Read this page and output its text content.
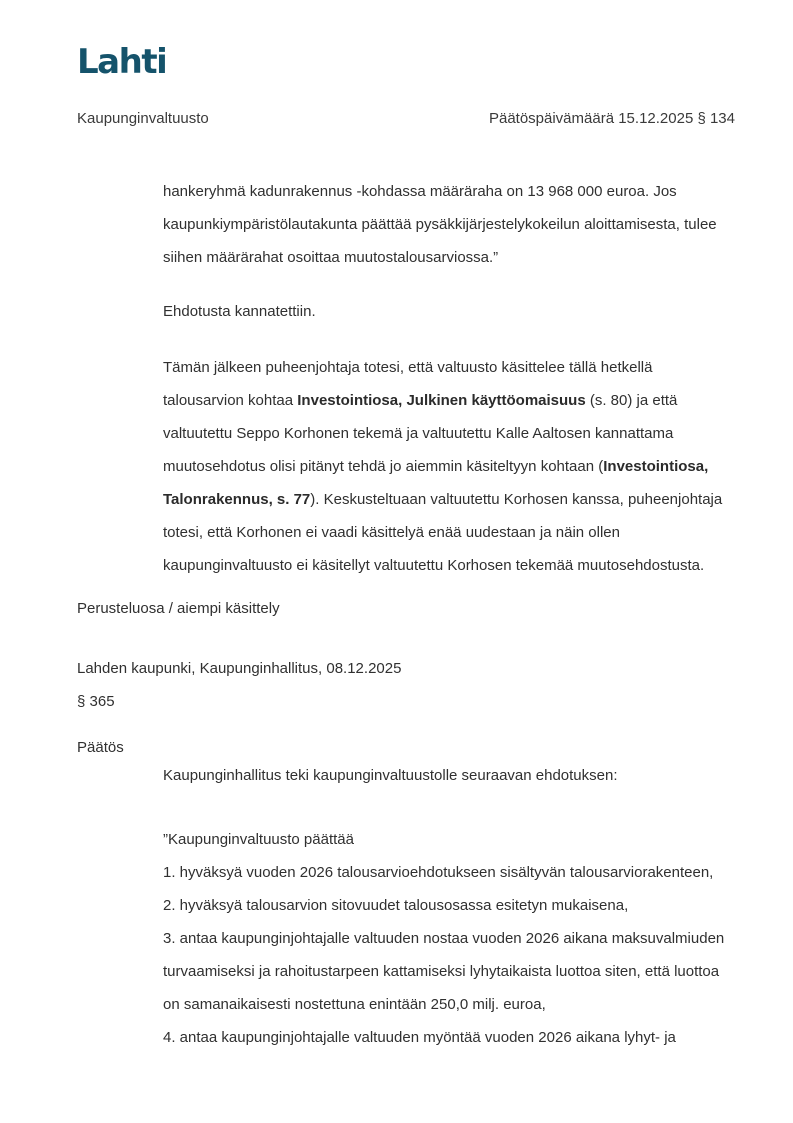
Lahti
Kaupunginvaltuusto	Päätöspäivämäärä 15.12.2025 § 134

hankeryhmä kadunrakennus -kohdassa määräraha on 13 968 000 euroa. Jos kaupunkiympäristölautakunta päättää pysäkkijärjestelykokeilun aloittamisesta, tulee siihen määrärahat osoittaa muutostalousarviossa.”

Ehdotusta kannatettiin.

Tämän jälkeen puheenjohtaja totesi, että valtuusto käsittelee tällä hetkellä talousarvion kohtaa Investointiosa, Julkinen käyttöomaisuus (s. 80) ja että valtuutettu Seppo Korhonen tekemä ja valtuutettu Kalle Aaltosen kannattama muutosehdotus olisi pitänyt tehdä jo aiemmin käsiteltyyn kohtaan (Investointiosa, Talonrakennus, s. 77). Keskusteltuaan valtuutettu Korhosen kanssa, puheenjohtaja totesi, että Korhonen ei vaadi käsittelyä enää uudestaan ja näin ollen kaupunginvaltuusto ei käsitellyt valtuutettu Korhosen tekemää muutosehdostusta.

Perusteluosa / aiempi käsittely

Lahden kaupunki, Kaupunginhallitus, 08.12.2025

§ 365

Päätös

Kaupunginhallitus teki kaupunginvaltuustolle seuraavan ehdotuksen:

”Kaupunginvaltuusto päättää

1. hyväksyä vuoden 2026 talousarvioehdotukseen sisältyvän talousarviorakenteen,

2. hyväksyä talousarvion sitovuudet talousosassa esitetyn mukaisena,

3. antaa kaupunginjohtajalle valtuuden nostaa vuoden 2026 aikana maksuvalmiuden turvaamiseksi ja rahoitustarpeen kattamiseksi lyhytaikaista luottoa siten, että luottoa on samanaikaisesti nostettuna enintään 250,0 milj. euroa,

4. antaa kaupunginjohtajalle valtuuden myöntää vuoden 2026 aikana lyhyt- ja
